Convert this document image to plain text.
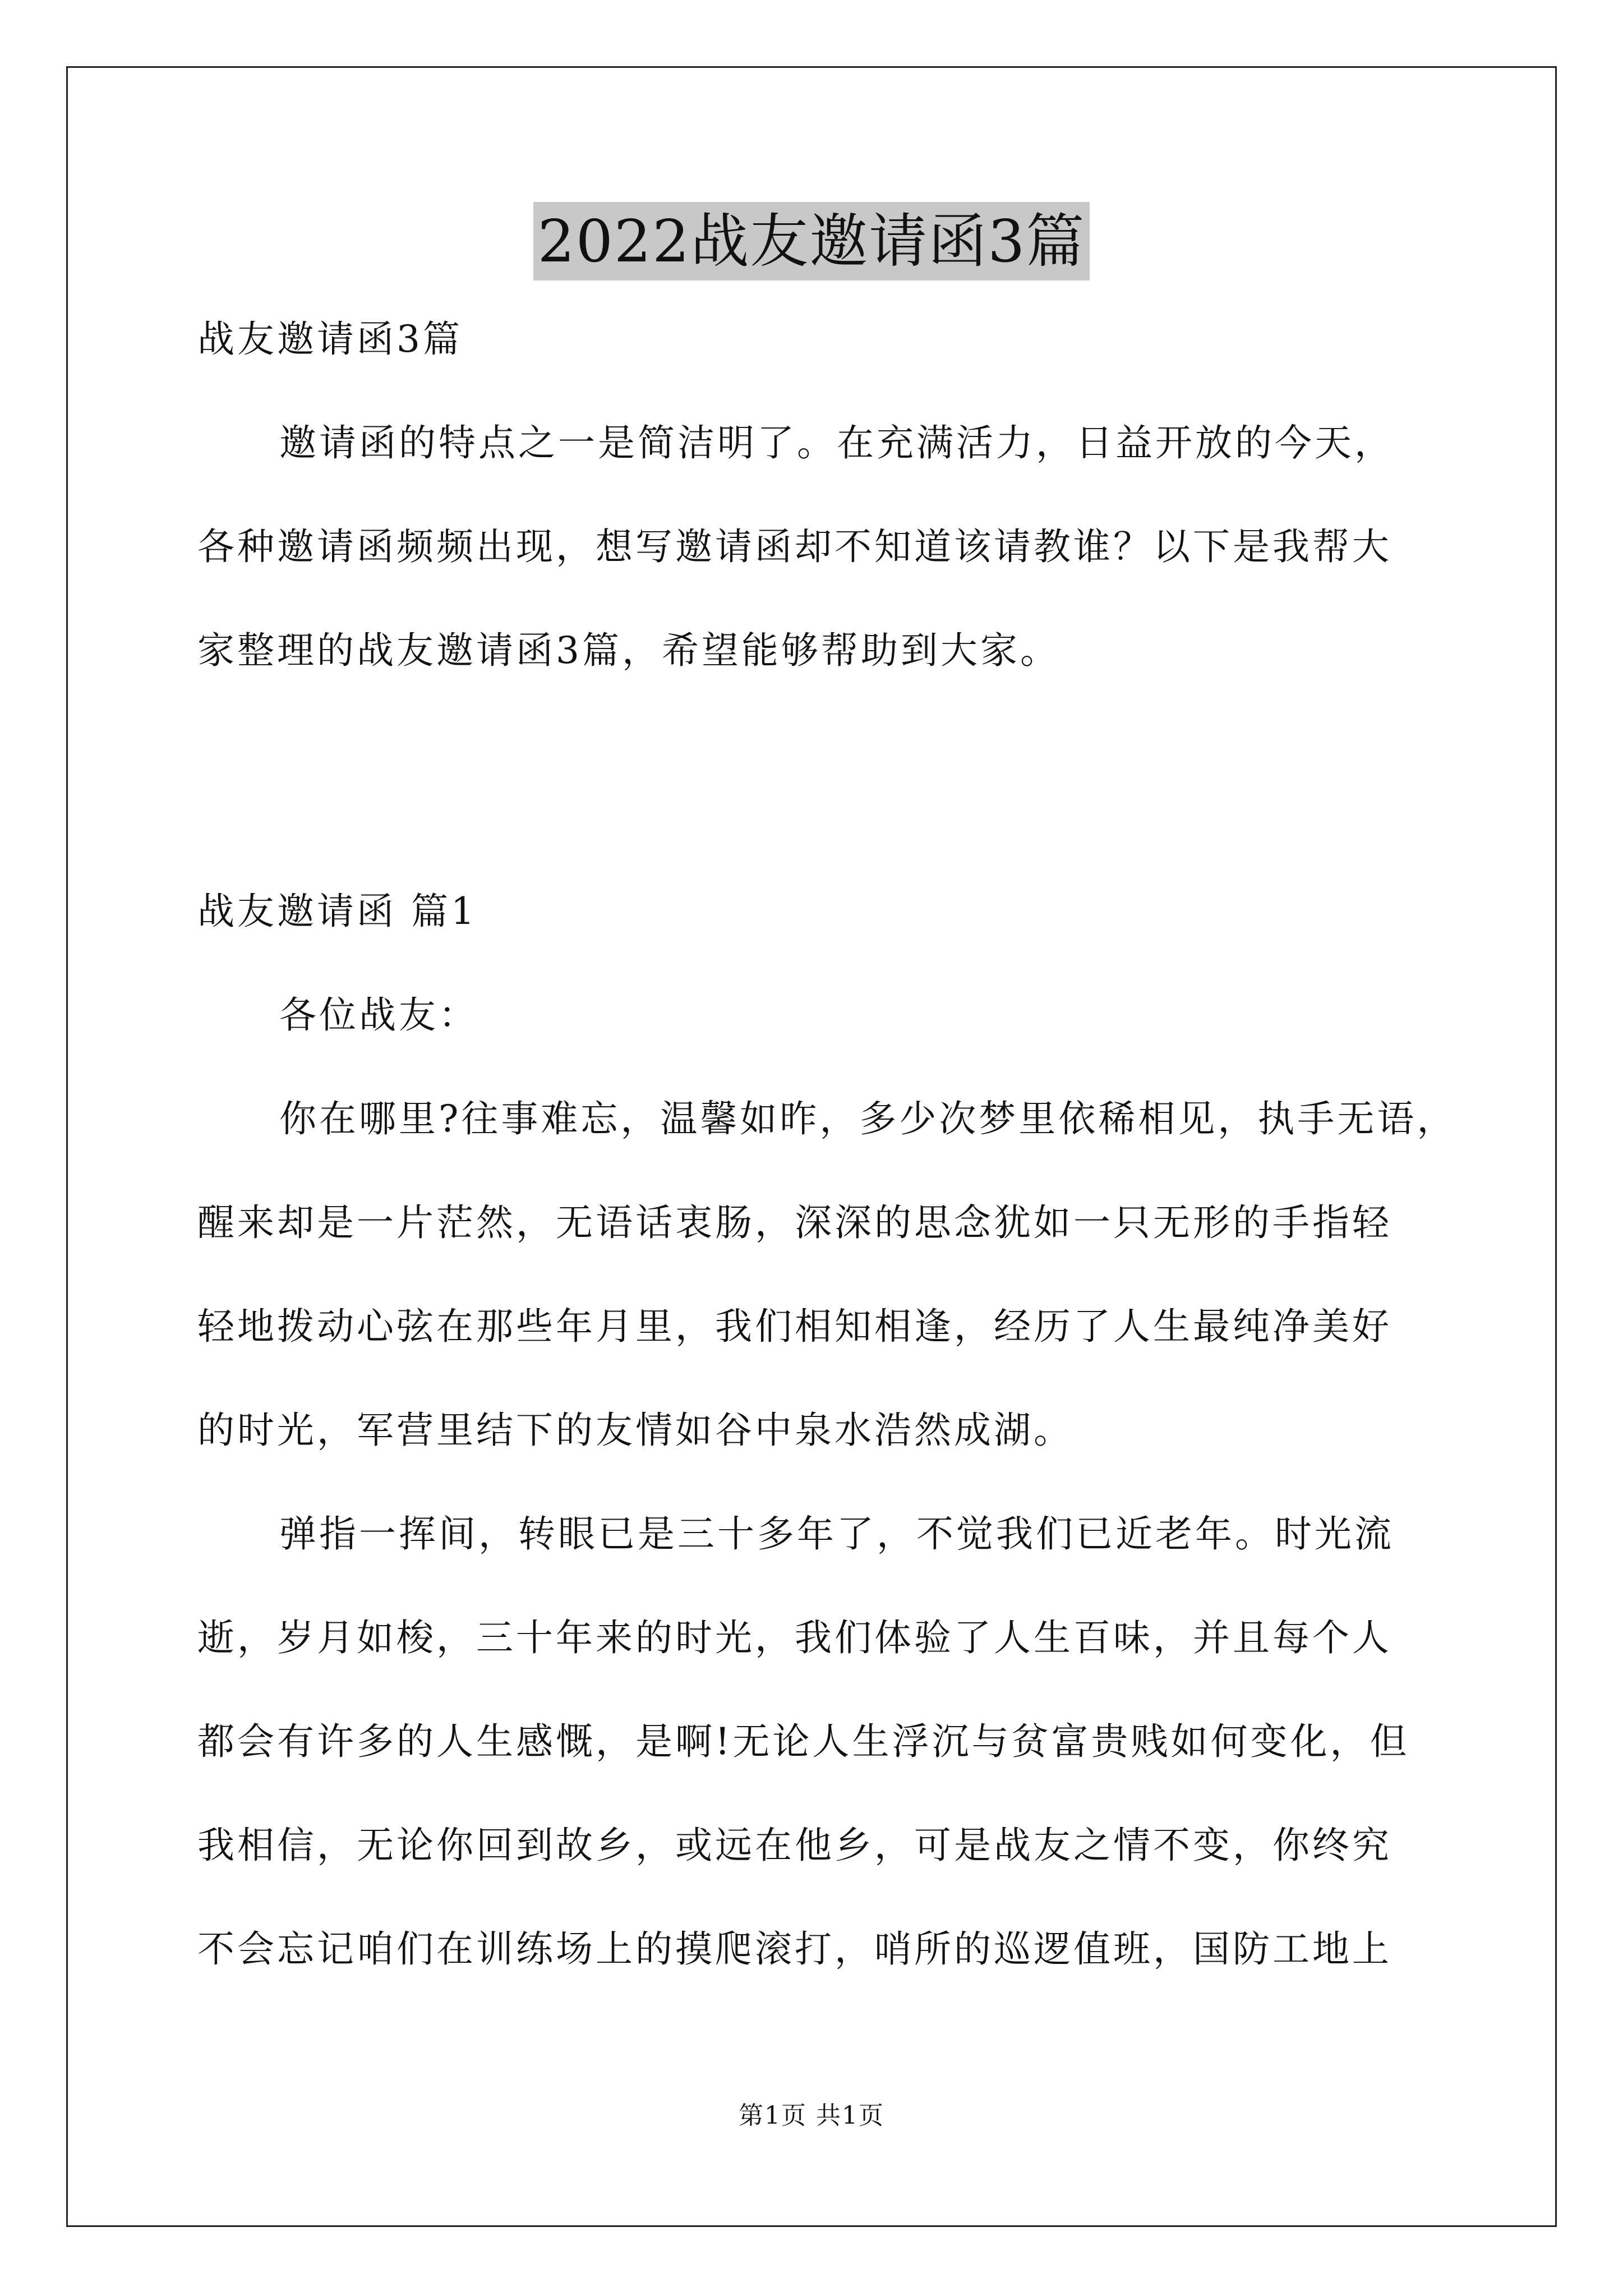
2022战友邀请函3篇
战友邀请函3篇
邀请函的特点之一是简洁明了。在充满活力，日益开放的今天，
各种邀请函频频出现，想写邀请函却不知道该请教谁？以下是我帮大
家整理的战友邀请函3篇，希望能够帮助到大家。
战友邀请函 篇1
各位战友：
你在哪里?往事难忘，温馨如昨，多少次梦里依稀相见，执手无语，
醒来却是一片茫然，无语话衷肠，深深的思念犹如一只无形的手指轻
轻地拨动心弦在那些年月里，我们相知相逢，经历了人生最纯净美好
的时光，军营里结下的友情如谷中泉水浩然成湖。
弹指一挥间，转眼已是三十多年了，不觉我们已近老年。时光流
逝，岁月如梭，三十年来的时光，我们体验了人生百味，并且每个人
都会有许多的人生感慨，是啊!无论人生浮沉与贫富贵贱如何变化，但
我相信，无论你回到故乡，或远在他乡，可是战友之情不变，你终究
不会忘记咱们在训练场上的摸爬滚打，哨所的巡逻值班，国防工地上
第1页 共1页
